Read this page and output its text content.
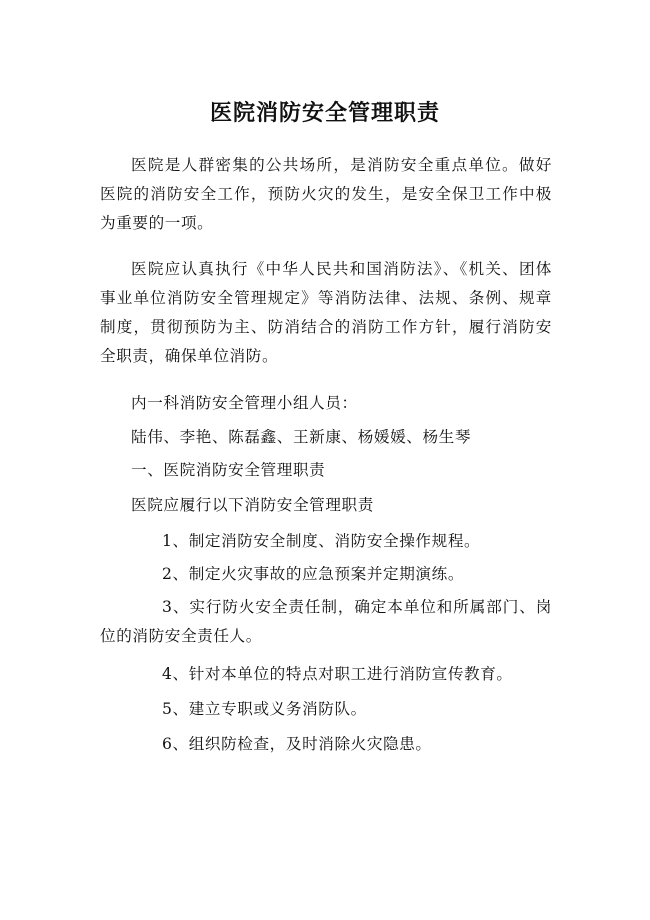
医院消防安全管理职责

医院是人群密集的公共场所，是消防安全重点单位。做好医院的消防安全工作，预防火灾的发生，是安全保卫工作中极为重要的一项。

医院应认真执行《中华人民共和国消防法》、《机关、团体事业单位消防安全管理规定》等消防法律、法规、条例、规章制度，贯彻预防为主、防消结合的消防工作方针，履行消防安全职责，确保单位消防。

内一科消防安全管理小组人员：

陆伟、李艳、陈磊鑫、王新康、杨媛媛、杨生琴

一、医院消防安全管理职责

医院应履行以下消防安全管理职责

1、制定消防安全制度、消防安全操作规程。

2、制定火灾事故的应急预案并定期演练。

3、实行防火安全责任制，确定本单位和所属部门、岗位的消防安全责任人。

4、针对本单位的特点对职工进行消防宣传教育。

5、建立专职或义务消防队。

6、组织防检查，及时消除火灾隐患。
